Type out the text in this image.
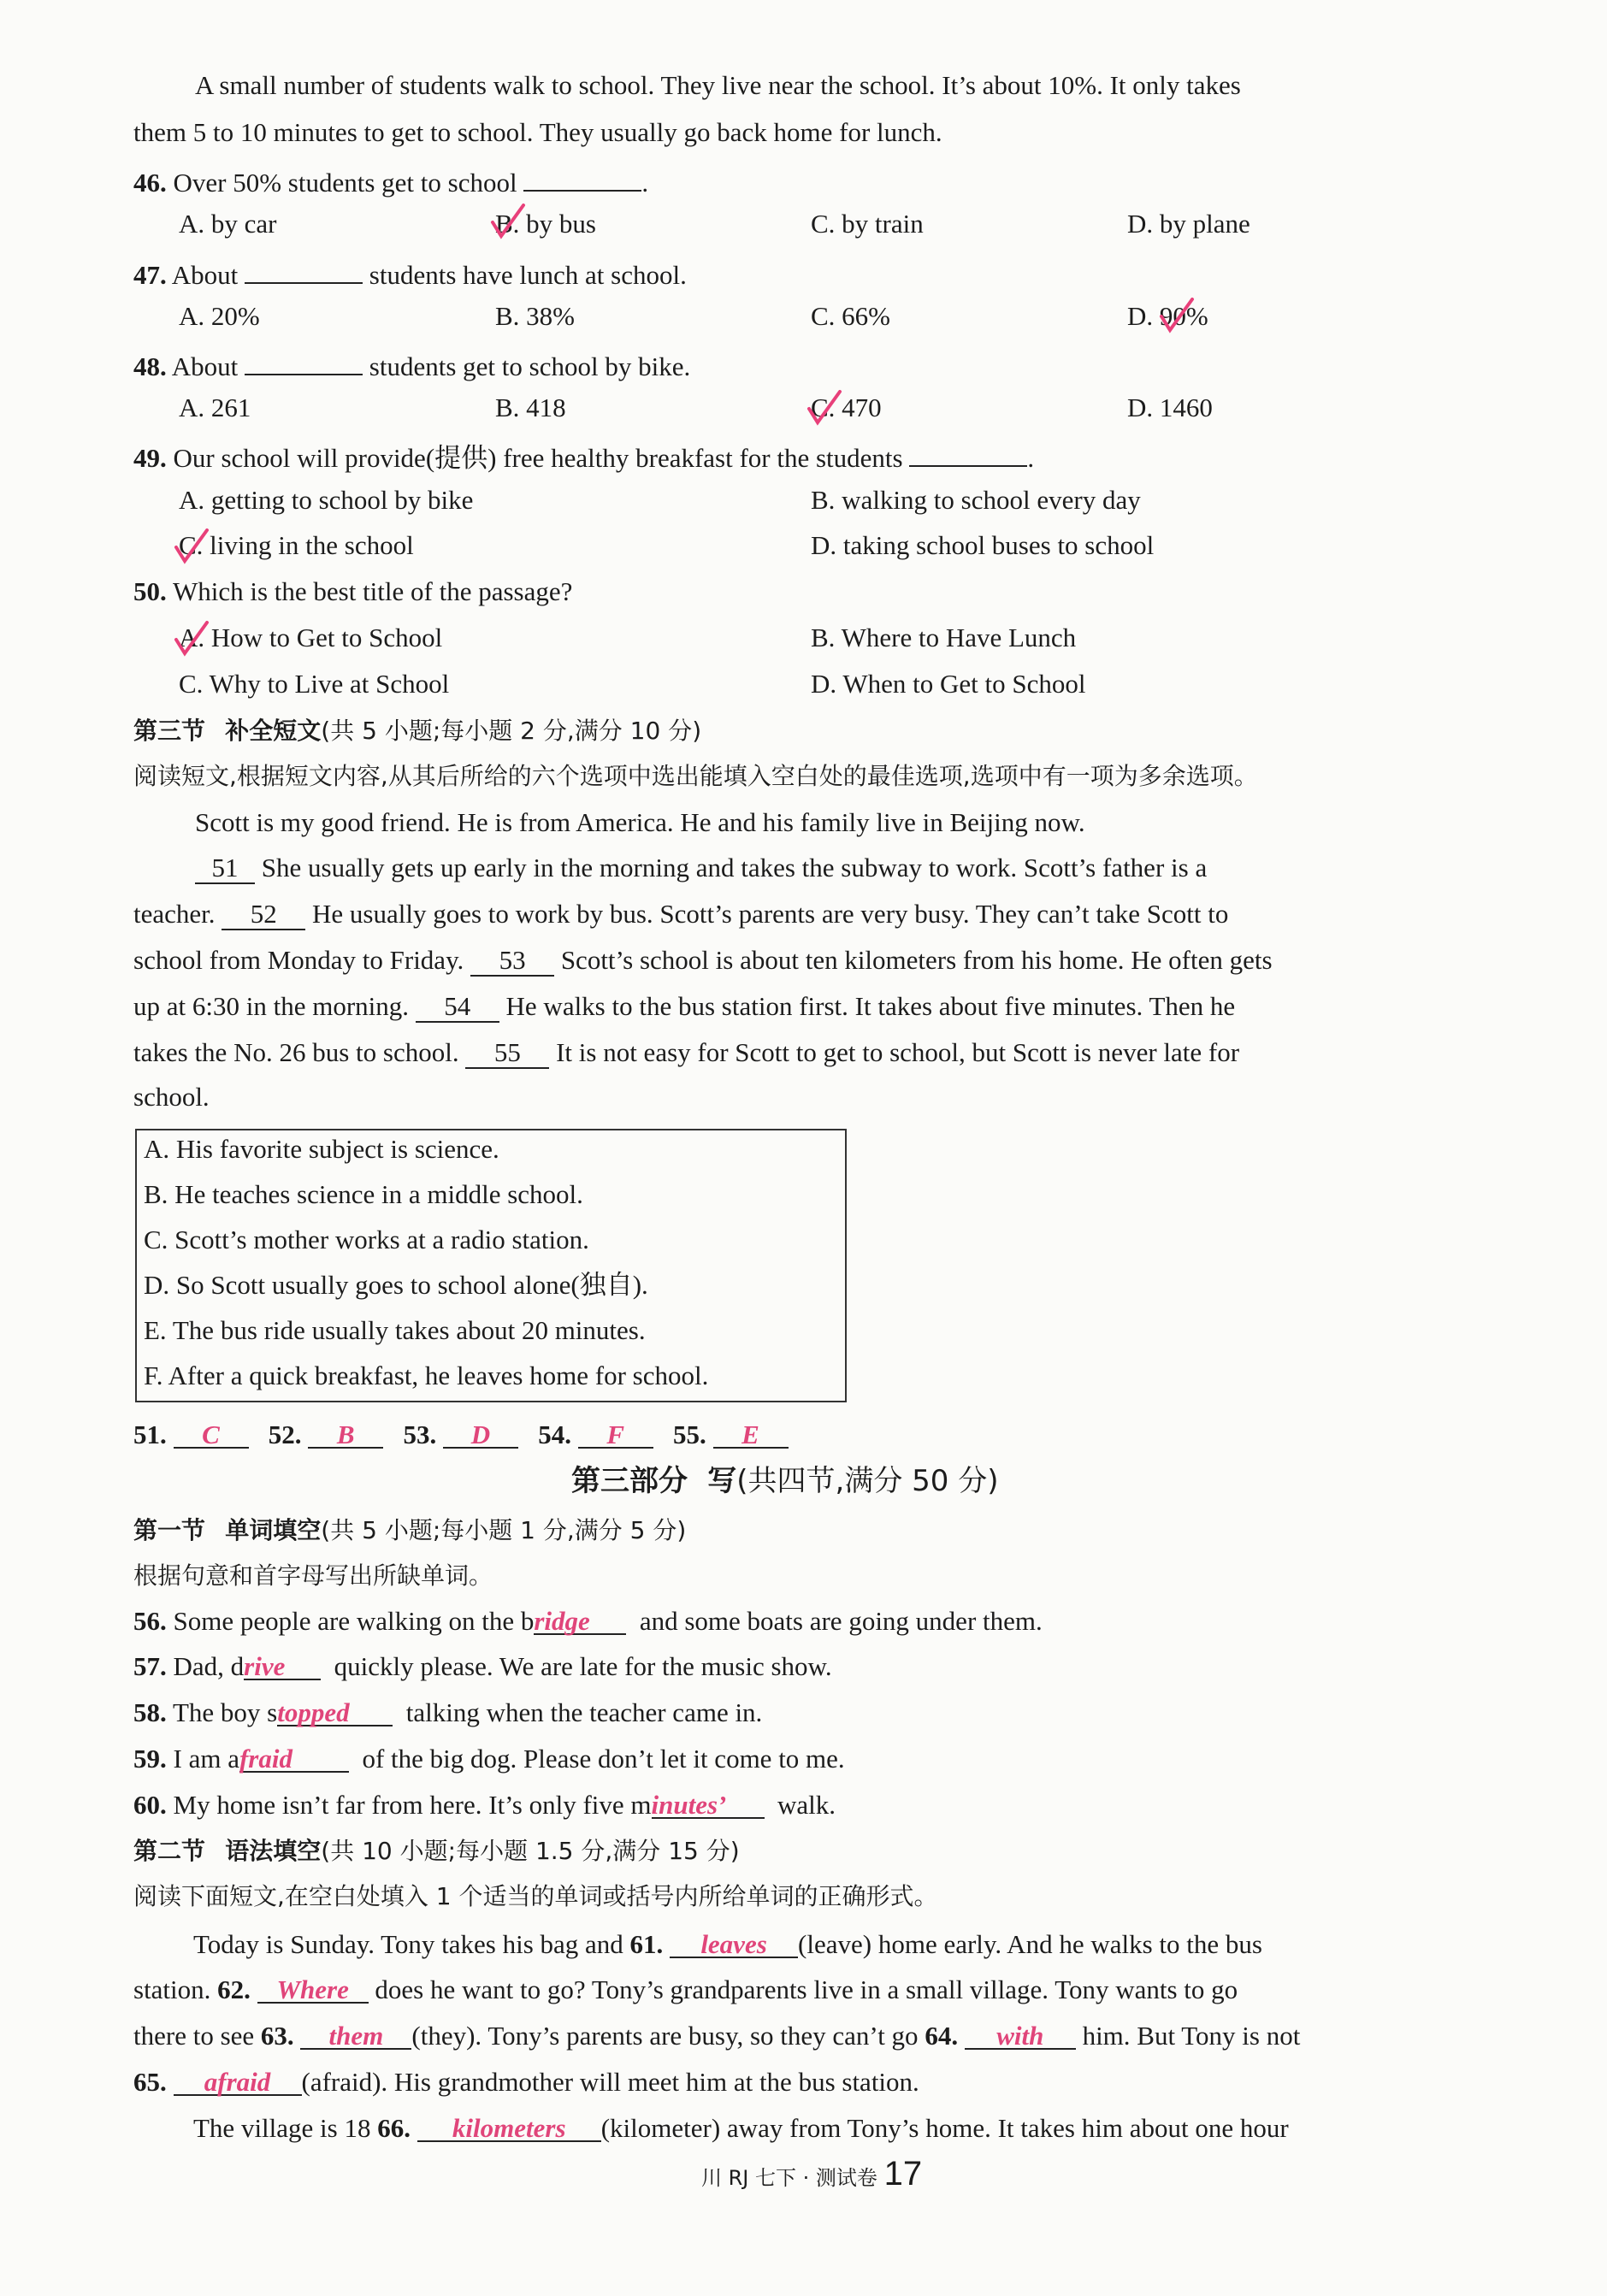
A small number of students walk to school. They live near the school. It’s about 10%. It only takes
them 5 to 10 minutes to get to school. They usually go back home for lunch.
46. Over 50% students get to school	.
A. by car	B. by bus	C. by train	D. by plane
47. About	students have lunch at school.
A. 20%	B. 38%	C. 66%	D. 90%
48. About	students get to school by bike.
A. 261	B. 418	C. 470	D. 1460
49. Our school will provide(提供) free healthy breakfast for the students	.
A. getting to school by bike	B. walking to school every day
C. living in the school	D. taking school buses to school
50. Which is the best title of the passage?
A. How to Get to School	B. Where to Have Lunch
C. Why to Live at School	D. When to Get to School
第三节 补全短文(共 5 小题;每小题 2 分,满分 10 分)
阅读短文,根据短文内容,从其后所给的六个选项中选出能填入空白处的最佳选项,选项中有一项为多余选项。
Scott is my good friend. He is from America. He and his family live in Beijing now.
51 She usually gets up early in the morning and takes the subway to work. Scott’s father is a
teacher. 52 He usually goes to work by bus. Scott’s parents are very busy. They can’t take Scott to
school from Monday to Friday. 53 Scott’s school is about ten kilometers from his home. He often gets
up at 6:30 in the morning. 54 He walks to the bus station first. It takes about five minutes. Then he
takes the No. 26 bus to school. 55 It is not easy for Scott to get to school, but Scott is never late for
school.
A. His favorite subject is science.
B. He teaches science in a middle school.
C. Scott’s mother works at a radio station.
D. So Scott usually goes to school alone(独自).
E. The bus ride usually takes about 20 minutes.
F. After a quick breakfast, he leaves home for school.
51. C 52. B 53. D 54. F 55. E
第三部分 写(共四节,满分 50 分)
第一节 单词填空(共 5 小题;每小题 1 分,满分 5 分)
根据句意和首字母写出所缺单词。
56. Some people are walking on the bridge and some boats are going under them.
57. Dad, drive quickly please. We are late for the music show.
58. The boy stopped talking when the teacher came in.
59. I am afraid	of the big dog. Please don’t let it come to me.
60. My home isn’t far from here. It’s only five minutes’ walk.
第二节 语法填空(共 10 小题;每小题 1.5 分,满分 15 分)
阅读下面短文,在空白处填入 1 个适当的单词或括号内所给单词的正确形式。
Today is Sunday. Tony takes his bag and 61. leaves (leave) home early. And he walks to the bus
station. 62. Where does he want to go? Tony’s grandparents live in a small village. Tony wants to go
there to see 63. them (they). Tony’s parents are busy, so they can’t go 64. with him. But Tony is not
65. afraid (afraid). His grandmother will meet him at the bus station.
The village is 18 66. kilometers (kilometer) away from Tony’s home. It takes him about one hour
川 RJ 七下 · 测试卷 17
